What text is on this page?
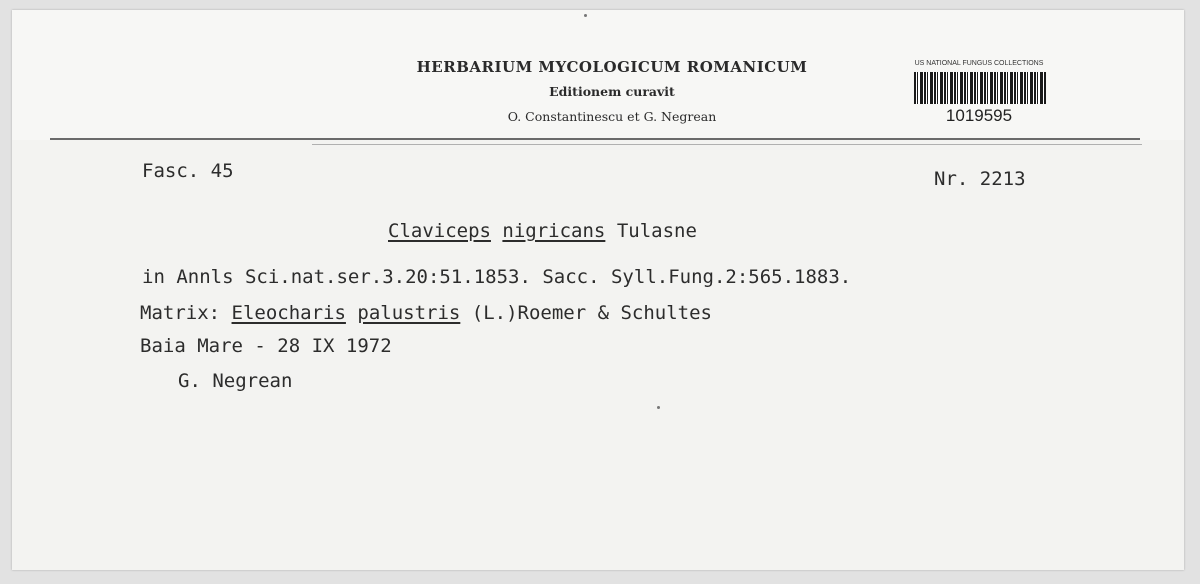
HERBARIUM MYCOLOGICUM ROMANICUM
Editionem curavit
O. Constantinescu et G. Negrean
US NATIONAL FUNGUS COLLECTIONS
1019595
Fasc. 45	Nr. 2213
Claviceps nigricans Tulasne
in Annls Sci.nat.ser.3.20:51.1853. Sacc. Syll.Fung.2:565.1883.
Matrix: Eleocharis palustris (L.)Roemer & Schultes
Baia Mare - 28 IX 1972
G. Negrean
